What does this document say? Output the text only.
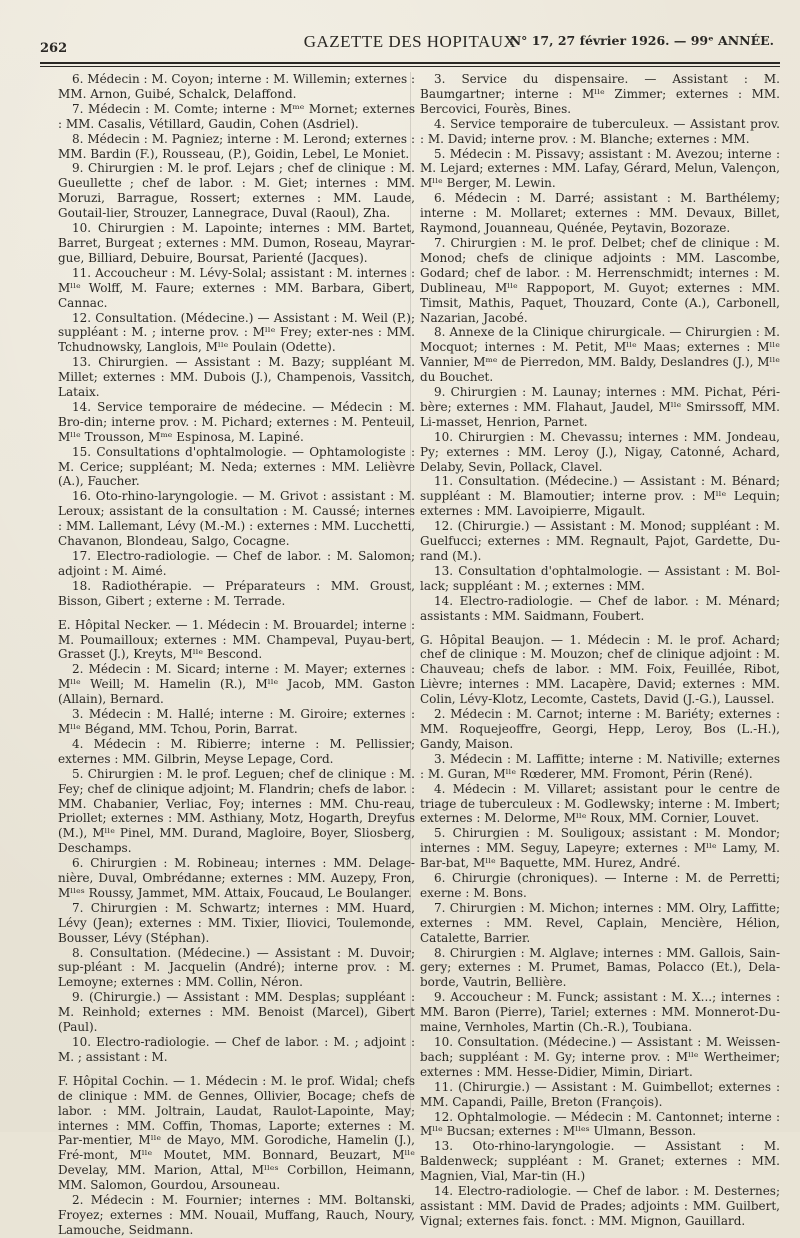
262	GAZETTE DES HOPITAUX
N° 17, 27 février 1926. — 99ᵉ ANNÉE.

6. Médecin : M. Coyon; interne : M. Willemin; externes : MM. Arnon, Guibé, Schalck, Delaffond.

7. Médecin : M. Comte; interne : Mᵐᵉ Mornet; externes : MM. Casalis, Vétillard, Gaudin, Cohen (Asdriel).

8. Médecin : M. Pagniez; interne : M. Lerond; externes : MM. Bardin (F.), Rousseau, (P.), Goidin, Lebel, Le Moniet.

9. Chirurgien : M. le prof. Lejars ; chef de clinique : M. Gueullette ; chef de labor. : M. Giet; internes : MM. Moruzi, Barrague, Rossert; externes : MM. Laude, Goutail-lier, Strouzer, Lannegrace, Duval (Raoul), Zha.

10. Chirurgien : M. Lapointe; internes : MM. Bartet, Barret, Burgeat ; externes : MM. Dumon, Roseau, Mayrar-gue, Billiard, Debuire, Boursat, Parienté (Jacques).

11. Accoucheur : M. Lévy-Solal; assistant : M. internes : Mˡˡᵉ Wolff, M. Faure; externes : MM. Barbara, Gibert, Cannac.

12. Consultation. (Médecine.) — Assistant : M. Weil (P.); suppléant : M. ; interne prov. : Mˡˡᵉ Frey; exter-nes : MM. Tchudnowsky, Langlois, Mˡˡᵉ Poulain (Odette).

13. Chirurgien. — Assistant : M. Bazy; suppléant M. Millet; externes : MM. Dubois (J.), Champenois, Vassitch, Lataix.

14. Service temporaire de médecine. — Médecin : M. Bro-din; interne prov. : M. Pichard; externes : M. Penteuil, Mˡˡᵉ Trousson, Mᵐᵉ Espinosa, M. Lapiné.

15. Consultations d'ophtalmologie. — Ophtamologiste : M. Cerice; suppléant; M. Neda; externes : MM. Lelièvre (A.), Faucher.

16. Oto-rhino-laryngologie. — M. Grivot : assistant : M. Leroux; assistant de la consultation : M. Caussé; internes : MM. Lallemant, Lévy (M.-M.) : externes : MM. Lucchetti, Chavanon, Blondeau, Salgo, Cocagne.

17. Electro-radiologie. — Chef de labor. : M. Salomon; adjoint : M. Aimé.

18. Radiothérapie. — Préparateurs : MM. Groust, Bisson, Gibert ; externe : M. Terrade.

E. Hôpital Necker. — 1. Médecin : M. Brouardel; interne : M. Poumailloux; externes : MM. Champeval, Puyau-bert, Grasset (J.), Kreyts, Mˡˡᵉ Bescond.

2. Médecin : M. Sicard; interne : M. Mayer; externes : Mˡˡᵉ Weill; M. Hamelin (R.), Mˡˡᵉ Jacob, MM. Gaston (Allain), Bernard.

3. Médecin : M. Hallé; interne : M. Giroire; externes : Mˡˡᵉ Bégand, MM. Tchou, Porin, Barrat.

4. Médecin : M. Ribierre; interne : M. Pellissier; externes : MM. Gilbrin, Meyse Lepage, Cord.

5. Chirurgien : M. le prof. Leguen; chef de clinique : M. Fey; chef de clinique adjoint; M. Flandrin; chefs de labor. : MM. Chabanier, Verliac, Foy; internes : MM. Chu-reau, Priollet; externes : MM. Asthiany, Motz, Hogarth, Dreyfus (M.), Mˡˡᵉ Pinel, MM. Durand, Magloire, Boyer, Sliosberg, Deschamps.

6. Chirurgien : M. Robineau; internes : MM. Delage-nière, Duval, Ombrédanne; externes : MM. Auzepy, Fron, Mˡˡᵉˢ Roussy, Jammet, MM. Attaix, Foucaud, Le Boulanger.

7. Chirurgien : M. Schwartz; internes : MM. Huard, Lévy (Jean); externes : MM. Tixier, Iliovici, Toulemonde, Bousser, Lévy (Stéphan).

8. Consultation. (Médecine.) — Assistant : M. Duvoir; sup-pléant : M. Jacquelin (André); interne prov. : M. Lemoyne; externes : MM. Collin, Néron.

9. (Chirurgie.) — Assistant : MM. Desplas; suppléant : M. Reinhold; externes : MM. Benoist (Marcel), Gibert (Paul).

10. Electro-radiologie. — Chef de labor. : M. ; adjoint : M. ; assistant : M.

F. Hôpital Cochin. — 1. Médecin : M. le prof. Widal; chefs de clinique : MM. de Gennes, Ollivier, Bocage; chefs de labor. : MM. Joltrain, Laudat, Raulot-Lapointe, May; internes : MM. Coffin, Thomas, Laporte; externes : M. Par-mentier, Mˡˡᵉ de Mayo, MM. Gorodiche, Hamelin (J.), Fré-mont, Mˡˡᵉ Moutet, MM. Bonnard, Beuzart, Mˡˡᵉ Develay, MM. Marion, Attal, Mˡˡᵉˢ Corbillon, Heimann, MM. Salomon, Gourdou, Arsouneau.

2. Médecin : M. Fournier; internes : MM. Boltanski, Froyez; externes : MM. Nouail, Muffang, Rauch, Noury, Lamouche, Seidmann.

3. Service du dispensaire. — Assistant : M. Baumgartner; interne : Mˡˡᵉ Zimmer; externes : MM. Bercovici, Fourès, Bines.

4. Service temporaire de tuberculeux. — Assistant prov. : M. David; interne prov. : M. Blanche; externes : MM.

5. Médecin : M. Pissavy; assistant : M. Avezou; interne : M. Lejard; externes : MM. Lafay, Gérard, Melun, Valençon, Mˡˡᵉ Berger, M. Lewin.

6. Médecin : M. Darré; assistant : M. Barthélemy; interne : M. Mollaret; externes : MM. Devaux, Billet, Raymond, Jouanneau, Quénée, Peytavin, Bozoraze.

7. Chirurgien : M. le prof. Delbet; chef de clinique : M. Monod; chefs de clinique adjoints : MM. Lascombe, Godard; chef de labor. : M. Herrenschmidt; internes : M. Dublineau, Mˡˡᵉ Rappoport, M. Guyot; externes : MM. Timsit, Mathis, Paquet, Thouzard, Conte (A.), Carbonell, Nazarian, Jacobé.

8. Annexe de la Clinique chirurgicale. — Chirurgien : M. Mocquot; internes : M. Petit, Mˡˡᵉ Maas; externes : Mˡˡᵉ Vannier, Mᵐᵉ de Pierredon, MM. Baldy, Deslandres (J.), Mˡˡᵉ du Bouchet.

9. Chirurgien : M. Launay; internes : MM. Pichat, Péri-bère; externes : MM. Flahaut, Jaudel, Mˡˡᵉ Smirssoff, MM. Li-masset, Henrion, Parnet.

10. Chirurgien : M. Chevassu; internes : MM. Jondeau, Py; externes : MM. Leroy (J.), Nigay, Catonné, Achard, Delaby, Sevin, Pollack, Clavel.

11. Consultation. (Médecine.) — Assistant : M. Bénard; suppléant : M. Blamoutier; interne prov. : Mˡˡᵉ Lequin; externes : MM. Lavoipierre, Migault.

12. (Chirurgie.) — Assistant : M. Monod; suppléant : M. Guelfucci; externes : MM. Regnault, Pajot, Gardette, Du-rand (M.).

13. Consultation d'ophtalmologie. — Assistant : M. Bol-lack; suppléant : M. ; externes : MM.

14. Electro-radiologie. — Chef de labor. : M. Ménard; assistants : MM. Saidmann, Foubert.

G. Hôpital Beaujon. — 1. Médecin : M. le prof. Achard; chef de clinique : M. Mouzon; chef de clinique adjoint : M. Chauveau; chefs de labor. : MM. Foix, Feuillée, Ribot, Lièvre; internes : MM. Lacapère, David; externes : MM. Colin, Lévy-Klotz, Lecomte, Castets, David (J.-G.), Laussel.

2. Médecin : M. Carnot; interne : M. Bariéty; externes : MM. Roquejeoffre, Georgi, Hepp, Leroy, Bos (L.-H.), Gandy, Maison.

3. Médecin : M. Laffitte; interne : M. Nativille; externes : M. Guran, Mˡˡᵉ Rœderer, MM. Fromont, Périn (René).

4. Médecin : M. Villaret; assistant pour le centre de triage de tuberculeux : M. Godlewsky; interne : M. Imbert; externes : M. Delorme, Mˡˡᵉ Roux, MM. Cornier, Louvet.

5. Chirurgien : M. Souligoux; assistant : M. Mondor; internes : MM. Seguy, Lapeyre; externes : Mˡˡᵉ Lamy, M. Bar-bat, Mˡˡᵉ Baquette, MM. Hurez, André.

6. Chirurgie (chroniques). — Interne : M. de Perretti; exerne : M. Bons.

7. Chirurgien : M. Michon; internes : MM. Olry, Laffitte; externes : MM. Revel, Caplain, Mencière, Hélion, Catalette, Barrier.

8. Chirurgien : M. Alglave; internes : MM. Gallois, Sain-gery; externes : M. Prumet, Bamas, Polacco (Et.), Dela-borde, Vautrin, Bellière.

9. Accoucheur : M. Funck; assistant : M. X...; internes : MM. Baron (Pierre), Tariel; externes : MM. Monnerot-Du-maine, Vernholes, Martin (Ch.-R.), Toubiana.

10. Consultation. (Médecine.) — Assistant : M. Weissen-bach; suppléant : M. Gy; interne prov. : Mˡˡᵉ Wertheimer; externes : MM. Hesse-Didier, Mimin, Diriart.

11. (Chirurgie.) — Assistant : M. Guimbellot; externes : MM. Capandi, Paille, Breton (François).

12. Ophtalmologie. — Médecin : M. Cantonnet; interne : Mˡˡᵉ Bucsan; externes : Mˡˡᵉˢ Ulmann, Besson.

13. Oto-rhino-laryngologie. — Assistant : M. Baldenweck; suppléant : M. Granet; externes : MM. Magnien, Vial, Mar-tin (H.)

14. Electro-radiologie. — Chef de labor. : M. Desternes; assistant : MM. David de Prades; adjoints : MM. Guilbert, Vignal; externes fais. fonct. : MM. Mignon, Gauillard.
